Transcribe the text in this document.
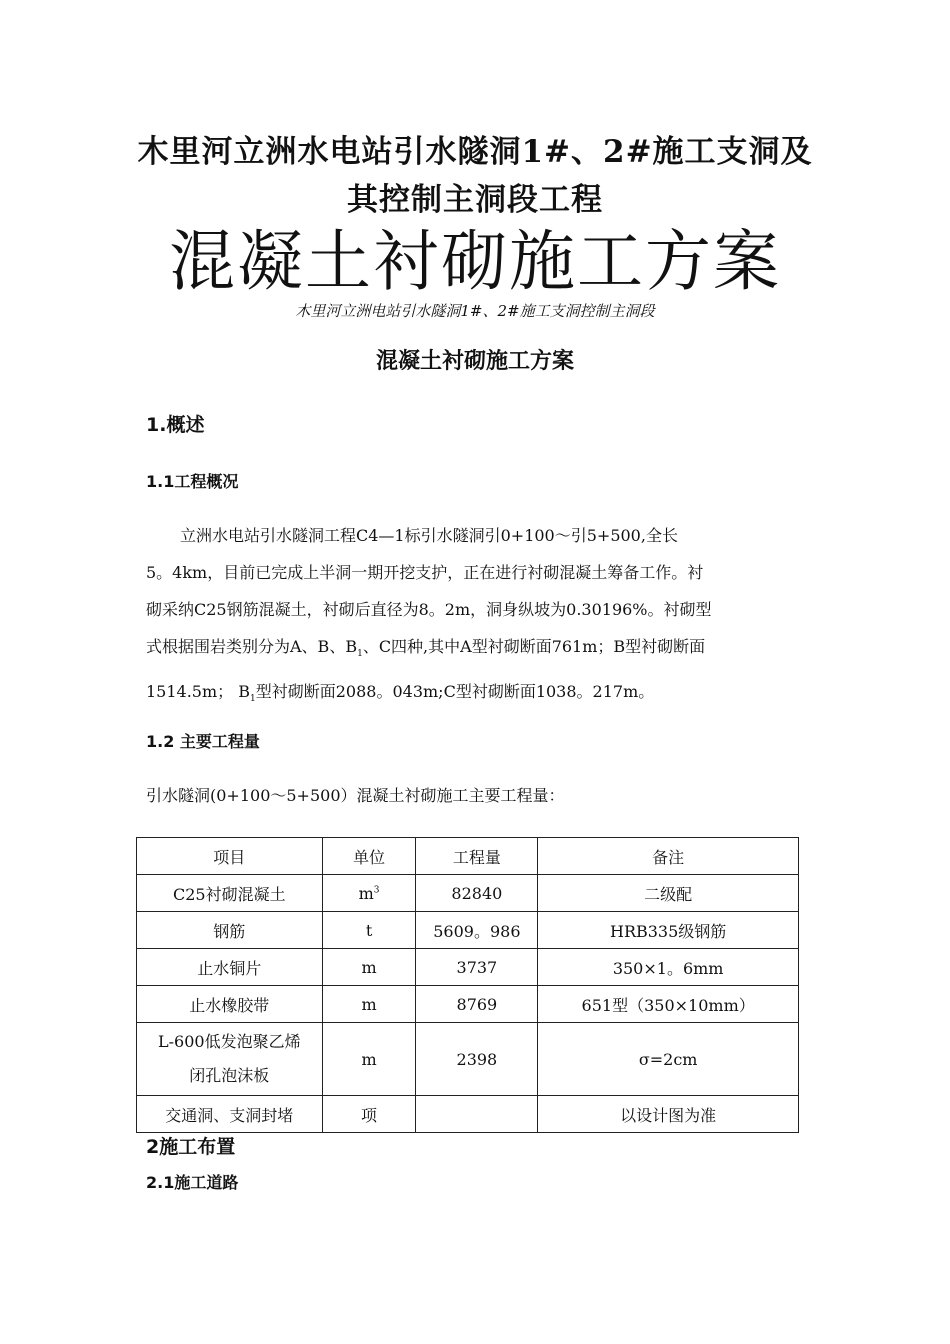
木里河立洲水电站引水隧洞1#、2#施工支洞及
其控制主洞段工程
混凝土衬砌施工方案
木里河立洲电站引水隧洞1#、2#施工支洞控制主洞段
混凝土衬砌施工方案
1.概述
1.1工程概况

立洲水电站引水隧洞工程C4—1标引水隧洞引0+100～引5+500,全长

5。4km，目前已完成上半洞一期开挖支护，正在进行衬砌混凝土筹备工作。衬

砌采纳C25钢筋混凝土，衬砌后直径为8。2m，洞身纵坡为0.30196%。衬砌型

式根据围岩类别分为A、B、$B_1$、C四种,其中A型衬砌断面761m；B型衬砌断面

1514.5m； $B_1$型衬砌断面2088。043m;C型衬砌断面1038。217m。

1.2 主要工程量
引水隧洞(0+100～5+500）混凝土衬砌施工主要工程量：
项目	单位	工程量	备注
C25衬砌混凝土	$m^3$	82840	二级配
钢筋	t	5609。986	HRB335级钢筋
止水铜片	m	3737	350×1。6mm
止水橡胶带	m	8769	651型（350×10mm）

L-600低发泡聚乙烯
闭孔泡沫板	m	2398	σ=2cm
交通洞、支洞封堵	项		以设计图为准
2施工布置
2.1施工道路
